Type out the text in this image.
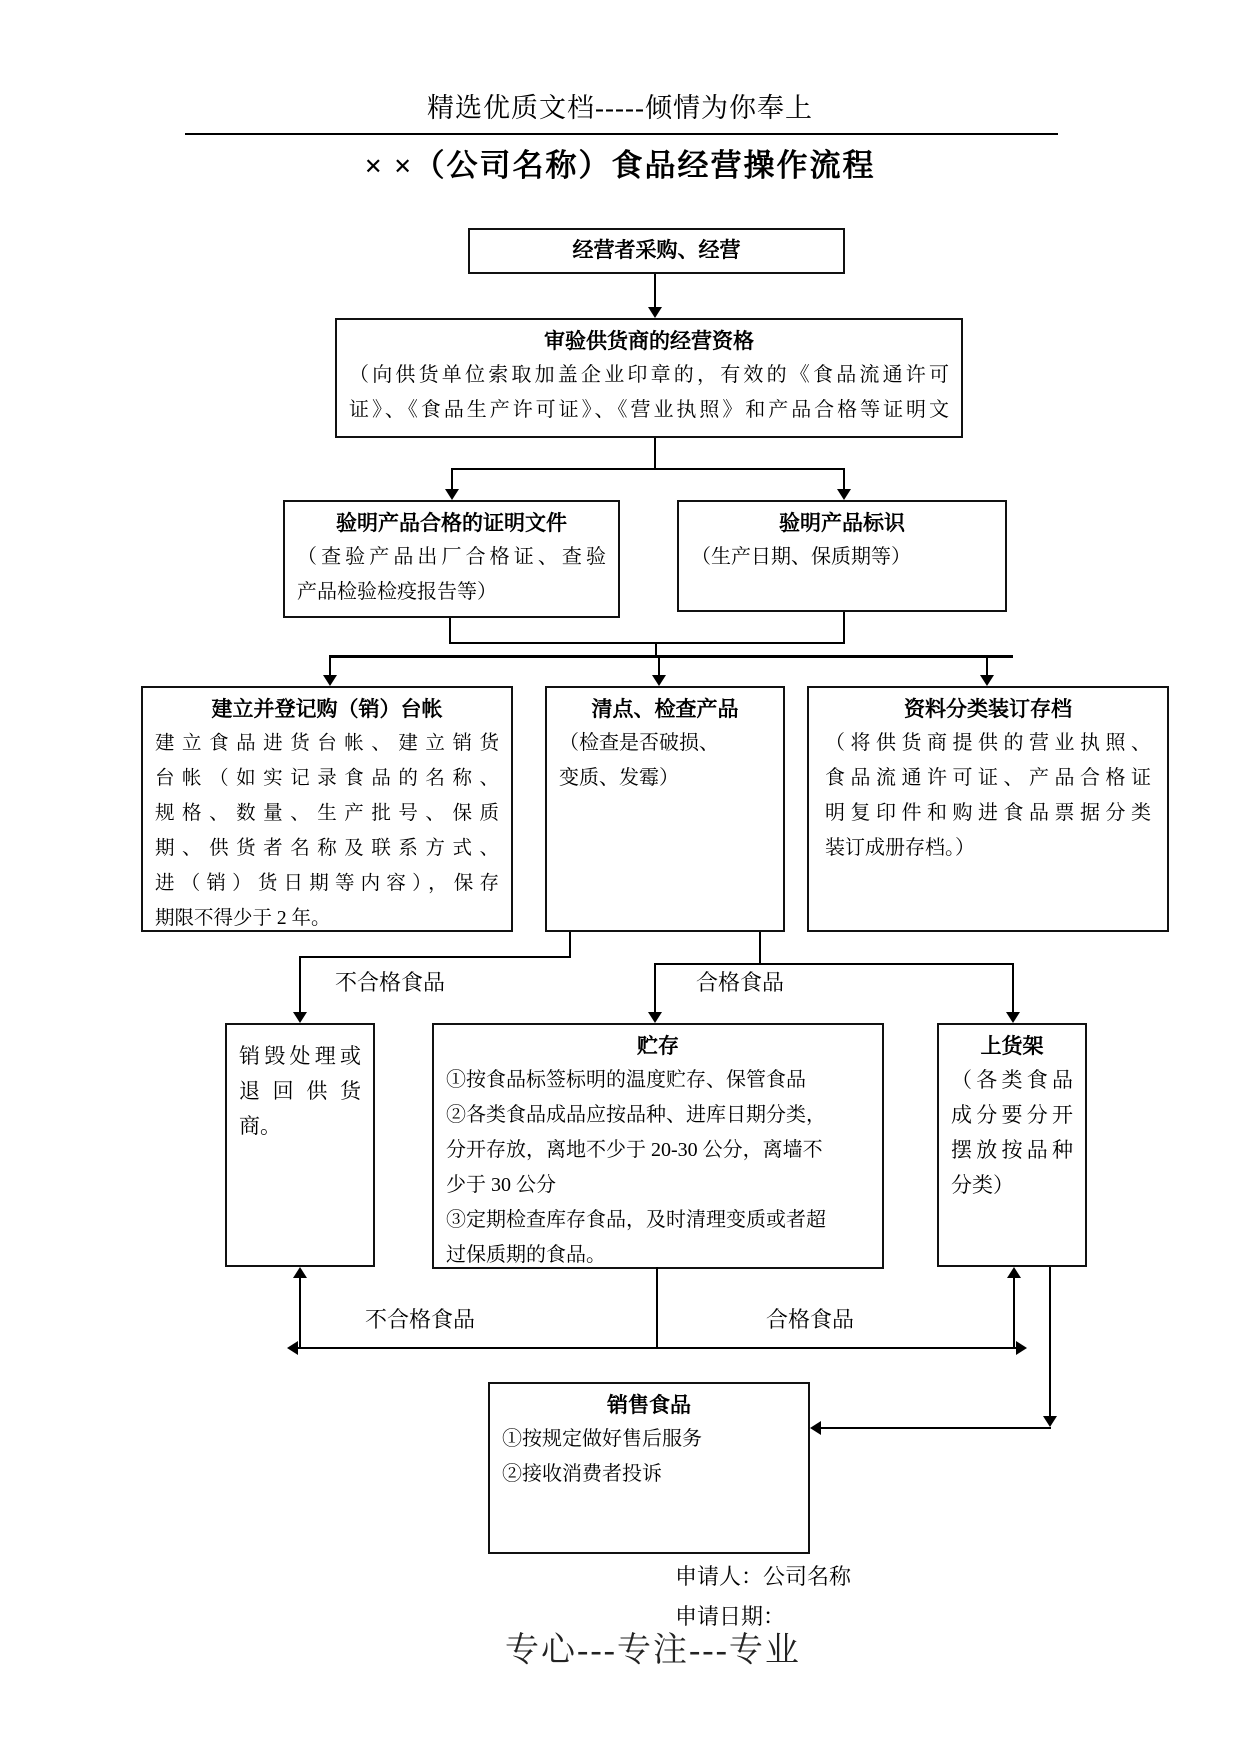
精选优质文档-----倾情为你奉上
× ×（公司名称）食品经营操作流程
经营者采购、经营
审验供货商的经营资格
（向供货单位索取加盖企业印章的，有效的《食品流通许可
证》、《食品生产许可证》、《营业执照》和产品合格等证明文
验明产品合格的证明文件
（查验产品出厂合格证、查验
产品检验检疫报告等）
验明产品标识
（生产日期、保质期等）
建立并登记购（销）台帐
建立食品进货台帐、建立销货
台帐（如实记录食品的名称、
规格、数量、生产批号、保质
期、供货者名称及联系方式、
进（销）货日期等内容），保存
期限不得少于 2 年。
清点、检查产品
（检查是否破损、
变质、发霉）
资料分类装订存档
（将供货商提供的营业执照、
食品流通许可证、产品合格证
明复印件和购进食品票据分类
装订成册存档。）
不合格食品	合格食品
销毁处理或
退回供货
商。
贮存
①按食品标签标明的温度贮存、保管食品
②各类食品成品应按品种、进库日期分类，
分开存放，离地不少于 20-30 公分，离墙不
少于 30 公分
③定期检查库存食品，及时清理变质或者超
过保质期的食品。
上货架
（各类食品
成分要分开
摆放按品种
分类）
不合格食品	合格食品
销售食品
①按规定做好售后服务
②接收消费者投诉
申请人：公司名称
申请日期：
专心---专注---专业
